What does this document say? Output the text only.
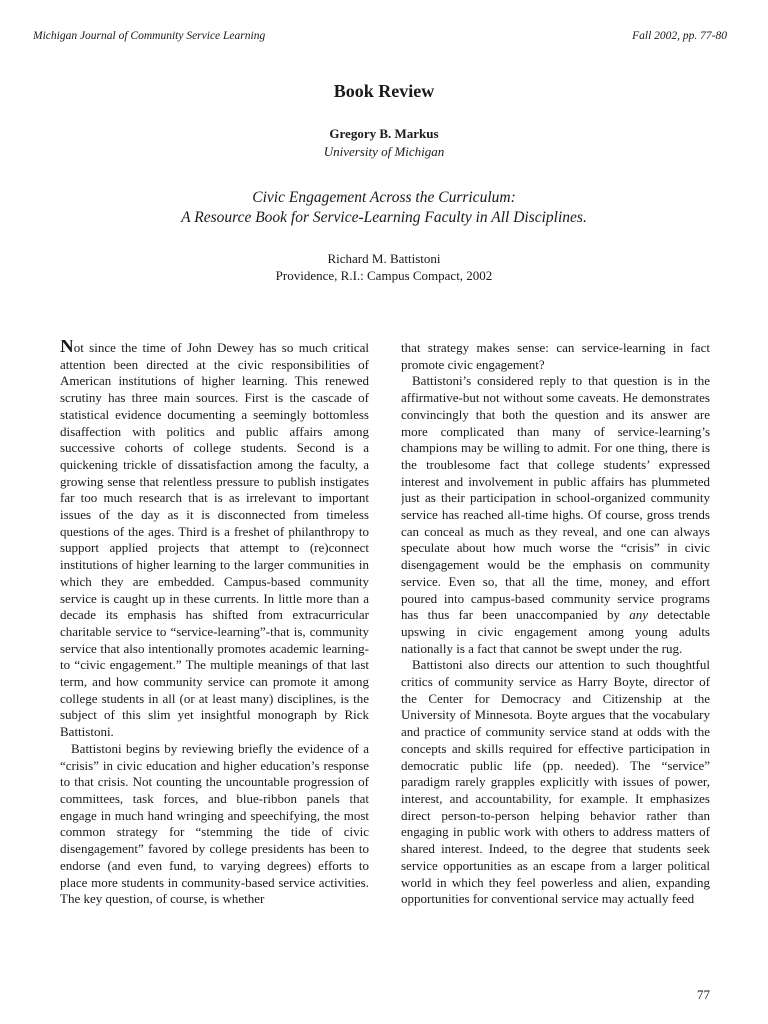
Michigan Journal of Community Service Learning	Fall 2002, pp. 77-80
Book Review
Gregory B. Markus
University of Michigan
Civic Engagement Across the Curriculum:
A Resource Book for Service-Learning Faculty in All Disciplines.
Richard M. Battistoni
Providence, R.I.: Campus Compact, 2002

Not since the time of John Dewey has so much critical attention been directed at the civic responsibilities of American institutions of higher learning. This renewed scrutiny has three main sources. First is the cascade of statistical evidence documenting a seemingly bottomless disaffection with politics and public affairs among successive cohorts of college students. Second is a quickening trickle of dissatisfaction among the faculty, a growing sense that relentless pressure to publish instigates far too much research that is as irrelevant to important issues of the day as it is disconnected from timeless questions of the ages. Third is a freshet of philanthropy to support applied projects that attempt to (re)connect institutions of higher learning to the larger communities in which they are embedded. Campus-based community service is caught up in these currents. In little more than a decade its emphasis has shifted from extracurricular charitable service to “service-learning”-that is, community service that also intentionally promotes academic learning-to “civic engagement.” The multiple meanings of that last term, and how community service can promote it among college students in all (or at least many) disciplines, is the subject of this slim yet insightful monograph by Rick Battistoni.

Battistoni begins by reviewing briefly the evidence of a “crisis” in civic education and higher education’s response to that crisis. Not counting the uncountable progression of committees, task forces, and blue-ribbon panels that engage in much hand wringing and speechifying, the most common strategy for “stemming the tide of civic disengagement” favored by college presidents has been to endorse (and even fund, to varying degrees) efforts to place more students in community-based service activities. The key question, of course, is whether

that strategy makes sense: can service-learning in fact promote civic engagement?

Battistoni’s considered reply to that question is in the affirmative-but not without some caveats. He demonstrates convincingly that both the question and its answer are more complicated than many of service-learning’s champions may be willing to admit. For one thing, there is the troublesome fact that college students’ expressed interest and involvement in public affairs has plummeted just as their participation in school-organized community service has reached all-time highs. Of course, gross trends can conceal as much as they reveal, and one can always speculate about how much worse the “crisis” in civic disengagement would be the emphasis on community service. Even so, that all the time, money, and effort poured into campus-based community service programs has thus far been unaccompanied by any detectable upswing in civic engagement among young adults nationally is a fact that cannot be swept under the rug.

Battistoni also directs our attention to such thoughtful critics of community service as Harry Boyte, director of the Center for Democracy and Citizenship at the University of Minnesota. Boyte argues that the vocabulary and practice of community service stand at odds with the concepts and skills required for effective participation in democratic public life (pp. needed). The “service” paradigm rarely grapples explicitly with issues of power, interest, and accountability, for example. It emphasizes direct person-to-person helping behavior rather than engaging in public work with others to address matters of shared interest. Indeed, to the degree that students seek service opportunities as an escape from a larger political world in which they feel powerless and alien, expanding opportunities for conventional service may actually feed

77
